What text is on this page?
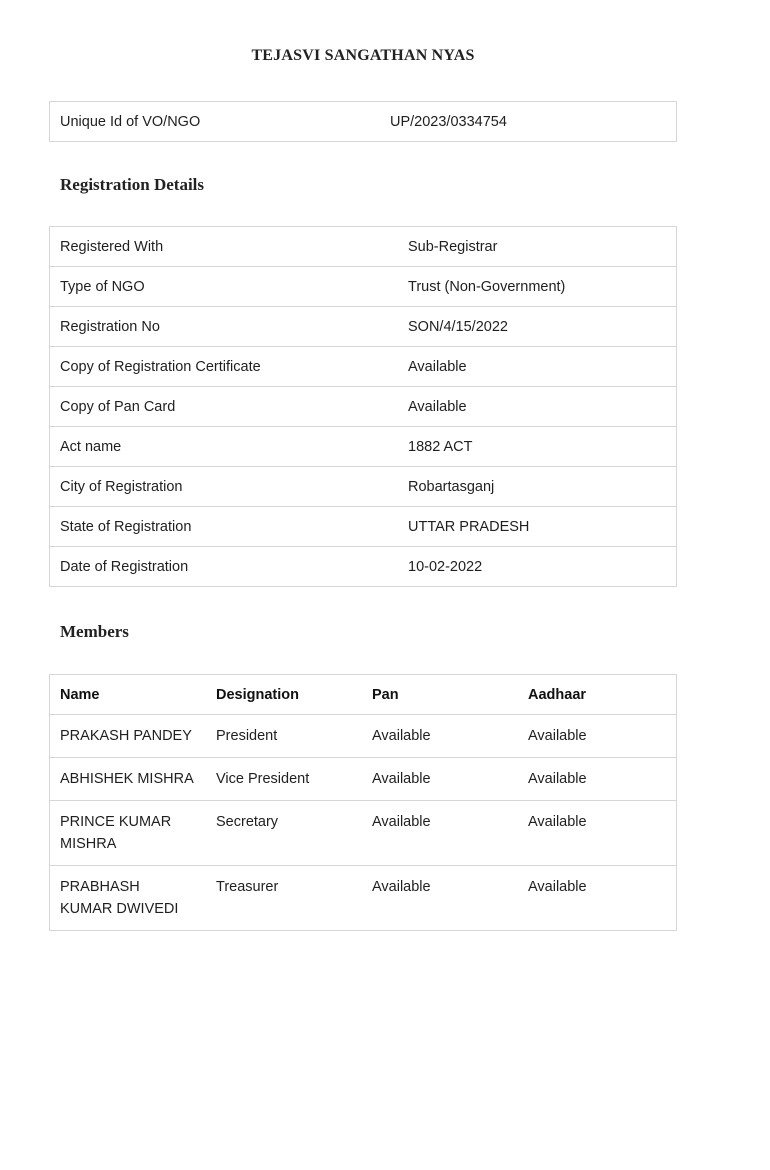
TEJASVI SANGATHAN NYAS
Unique Id of VO/NGO	UP/2023/0334754
Registration Details
Registered With	Sub-Registrar
Type of NGO	Trust (Non-Government)
Registration No	SON/4/15/2022
Copy of Registration Certificate	Available
Copy of Pan Card	Available
Act name	1882 ACT
City of Registration	Robartasganj
State of Registration	UTTAR PRADESH
Date of Registration	10-02-2022
Members
Name	Designation	Pan	Aadhaar
PRAKASH PANDEY	President	Available	Available
ABHISHEK MISHRA	Vice President	Available	Available
PRINCE KUMAR MISHRA	Secretary	Available	Available
PRABHASH KUMAR DWIVEDI	Treasurer	Available	Available
